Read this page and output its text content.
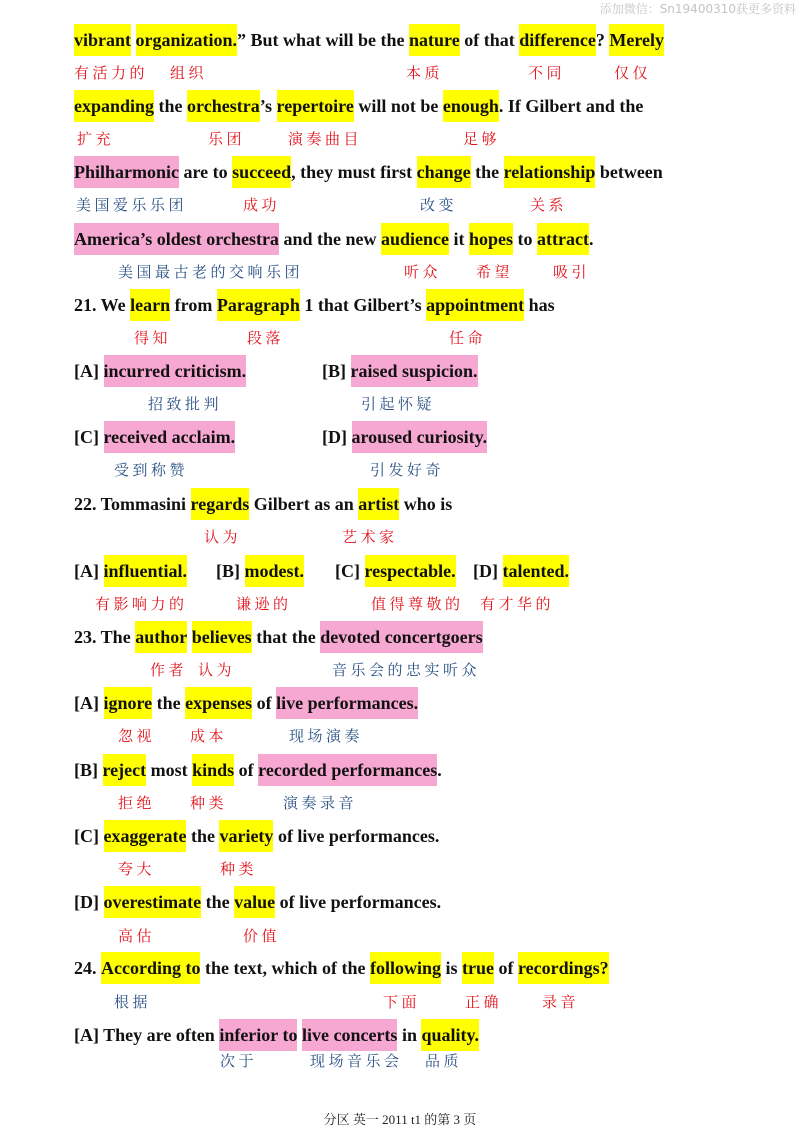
添加微信：Sn19400310获更多资料
vibrant
organization. ” But what will be the nature of that difference ? Merely
有活力的 组织	本质	不同	仅仅
expanding the orchestra ’s repertoire will not be enough . If Gilbert and the
扩充	乐团	演奏曲目	足够
Philharmonic are to succeed , they must first change the relationship between
美国爱乐乐团	成功	改变	关系
America’s oldest orchestra and the new audience it hopes to attract .
美国最古老的交响乐团	听众 希望	吸引
21. We learn from Paragraph 1 that Gilbert’s appointment has
得知	段落	任命
[A] incurred criticism.	[B] raised suspicion.
招致批判	引起怀疑
[C] received acclaim.	[D] aroused curiosity.
受到称赞	引发好奇
22. Tommasini regards Gilbert as an artist who is
认为	艺术家
[A] influential. [B] modest. [C] respectable. [D] talented.
有影响力的	谦逊的	值得尊敬的 有才华的
23. The author
believes that the devoted concertgoers
作者 认为	音乐会的忠实听众
[A] ignore the expenses of live performances.
忽视 成本	现场演奏
[B] reject most kinds of recorded performances .
拒绝 种类	演奏录音
[C] exaggerate the variety of live performances.
夸大	种类
[D] overestimate the value of live performances.
高估	价值
24. According to the text, which of the following is true of recordings?
根据	下面	正确	录音
[A] They are often inferior to
live concerts in quality.
次于	现场音乐会 品质
分区 英一 2011 t1 的第 3 页
